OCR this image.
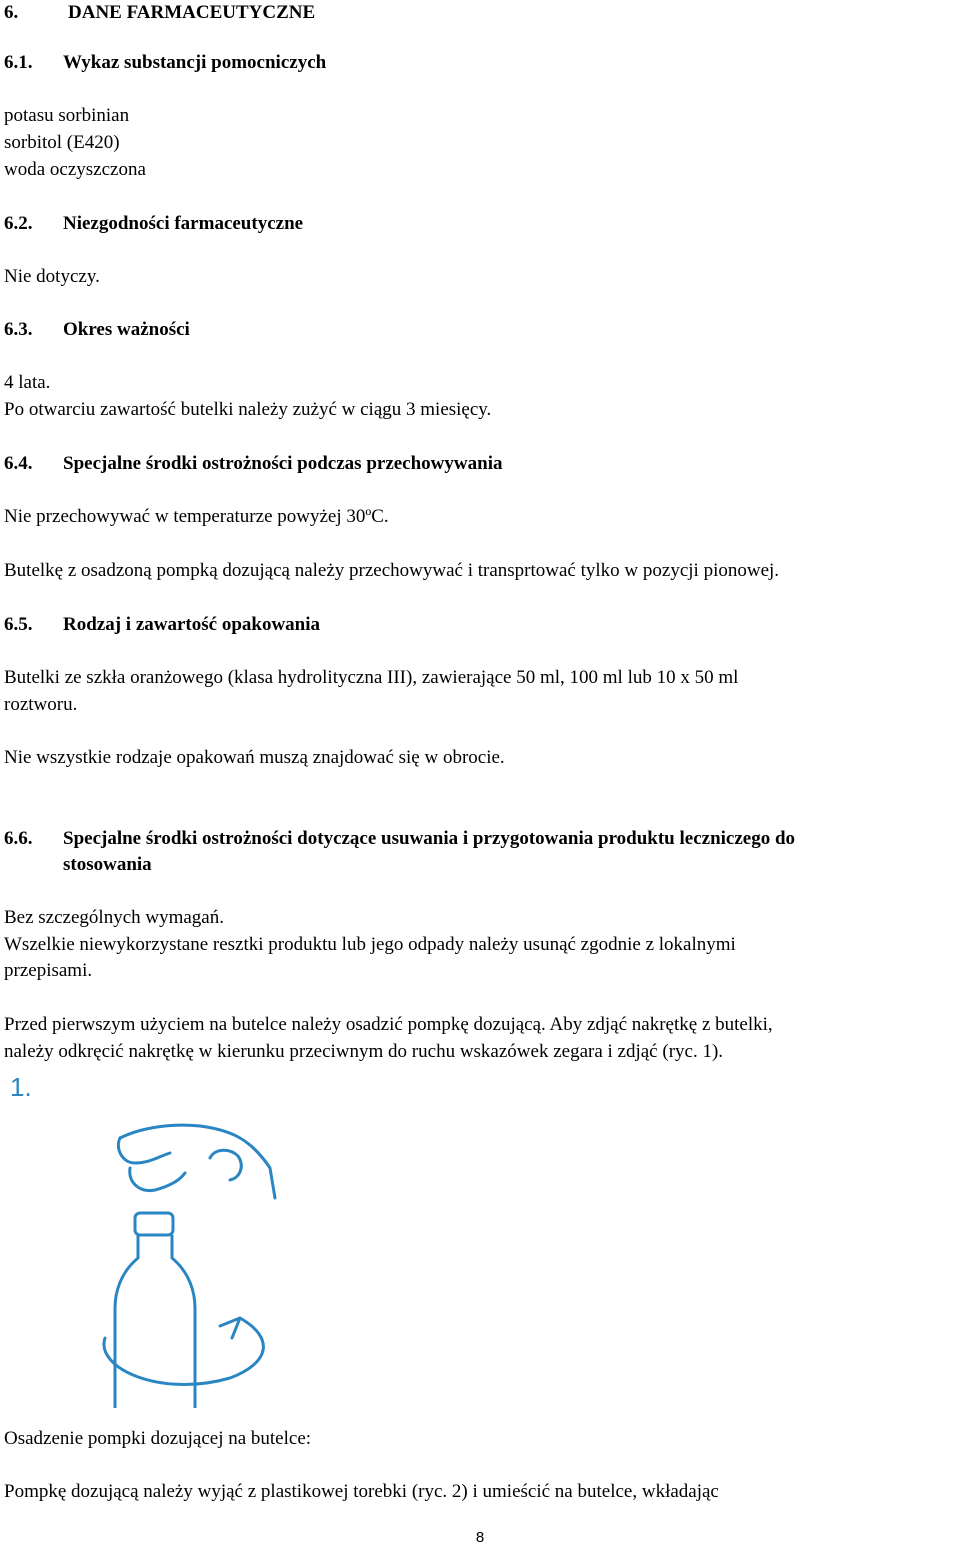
6.	DANE FARMACEUTYCZNE
6.1. Wykaz substancji pomocniczych
potasu sorbinian
sorbitol (E420)
woda oczyszczona
6.2. Niezgodności farmaceutyczne
Nie dotyczy.
6.3. Okres ważności
4 lata.
Po otwarciu zawartość butelki należy zużyć w ciągu 3 miesięcy.
6.4. Specjalne środki ostrożności podczas przechowywania
Nie przechowywać w temperaturze powyżej 30ºC.
Butelkę z osadzoną pompką dozującą należy przechowywać i transprtować tylko w pozycji pionowej.
6.5. Rodzaj i zawartość opakowania
Butelki ze szkła oranżowego (klasa hydrolityczna III), zawierające 50 ml, 100 ml lub 10 x 50 ml
roztworu.
Nie wszystkie rodzaje opakowań muszą znajdować się w obrocie.
6.6. Specjalne środki ostrożności dotyczące usuwania i przygotowania produktu leczniczego do
stosowania
Bez szczególnych wymagań.
Wszelkie niewykorzystane resztki produktu lub jego odpady należy usunąć zgodnie z lokalnymi
przepisami.
Przed pierwszym użyciem na butelce należy osadzić pompkę dozującą. Aby zdjąć nakrętkę z butelki,
należy odkręcić nakrętkę w kierunku przeciwnym do ruchu wskazówek zegara i zdjąć (ryc. 1).
1.
Osadzenie pompki dozującej na butelce:
Pompkę dozującą należy wyjąć z plastikowej torebki (ryc. 2) i umieścić na butelce, wkładając
8
